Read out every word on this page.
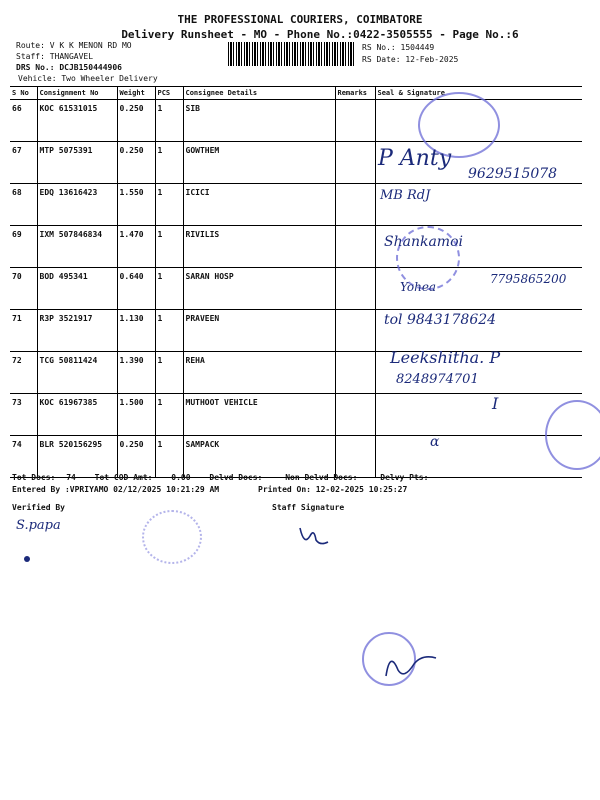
THE PROFESSIONAL COURIERS, COIMBATORE
Delivery Runsheet - MO - Phone No.:0422-3505555 - Page No.:6
Route: V K K MENON RD MO
Staff: THANGAVEL
DRS No.: DCJB150444906
Vehicle: Two Wheeler Delivery
RS No.: 1504449
RS Date: 12-Feb-2025
S No	Consignment No	Weight	PCS	Consignee Details	Remarks	Seal & Signature
66	KOC 61531015	0.250	1	SIB		
67	MTP 5075391	0.250	1	GOWTHEM		
68	EDQ 13616423	1.550	1	ICICI		
69	IXM 507846834	1.470	1	RIVILIS		
70	BOD 495341	0.640	1	SARAN HOSP		
71	R3P 3521917	1.130	1	PRAVEEN		
72	TCG 50811424	1.390	1	REHA		
73	KOC 61967385	1.500	1	MUTHOOT VEHICLE		
74	BLR 520156295	0.250	1	SAMPACK		
P Anty
9629515078
MB RdJ
Shankamoi
Yohea
7795865200
tol 9843178624
Leekshitha. P
8248974701
I
α
Tot Docs: 74 Tot COD Amt: 0.00 Delvd Docs:	Non Delvd Docs:	Delvy Pts:
Entered By :VPRIYAMO 02/12/2025 10:21:29 AM	Printed On: 12-02-2025 10:25:27
Verified By	Staff Signature
S.papa
